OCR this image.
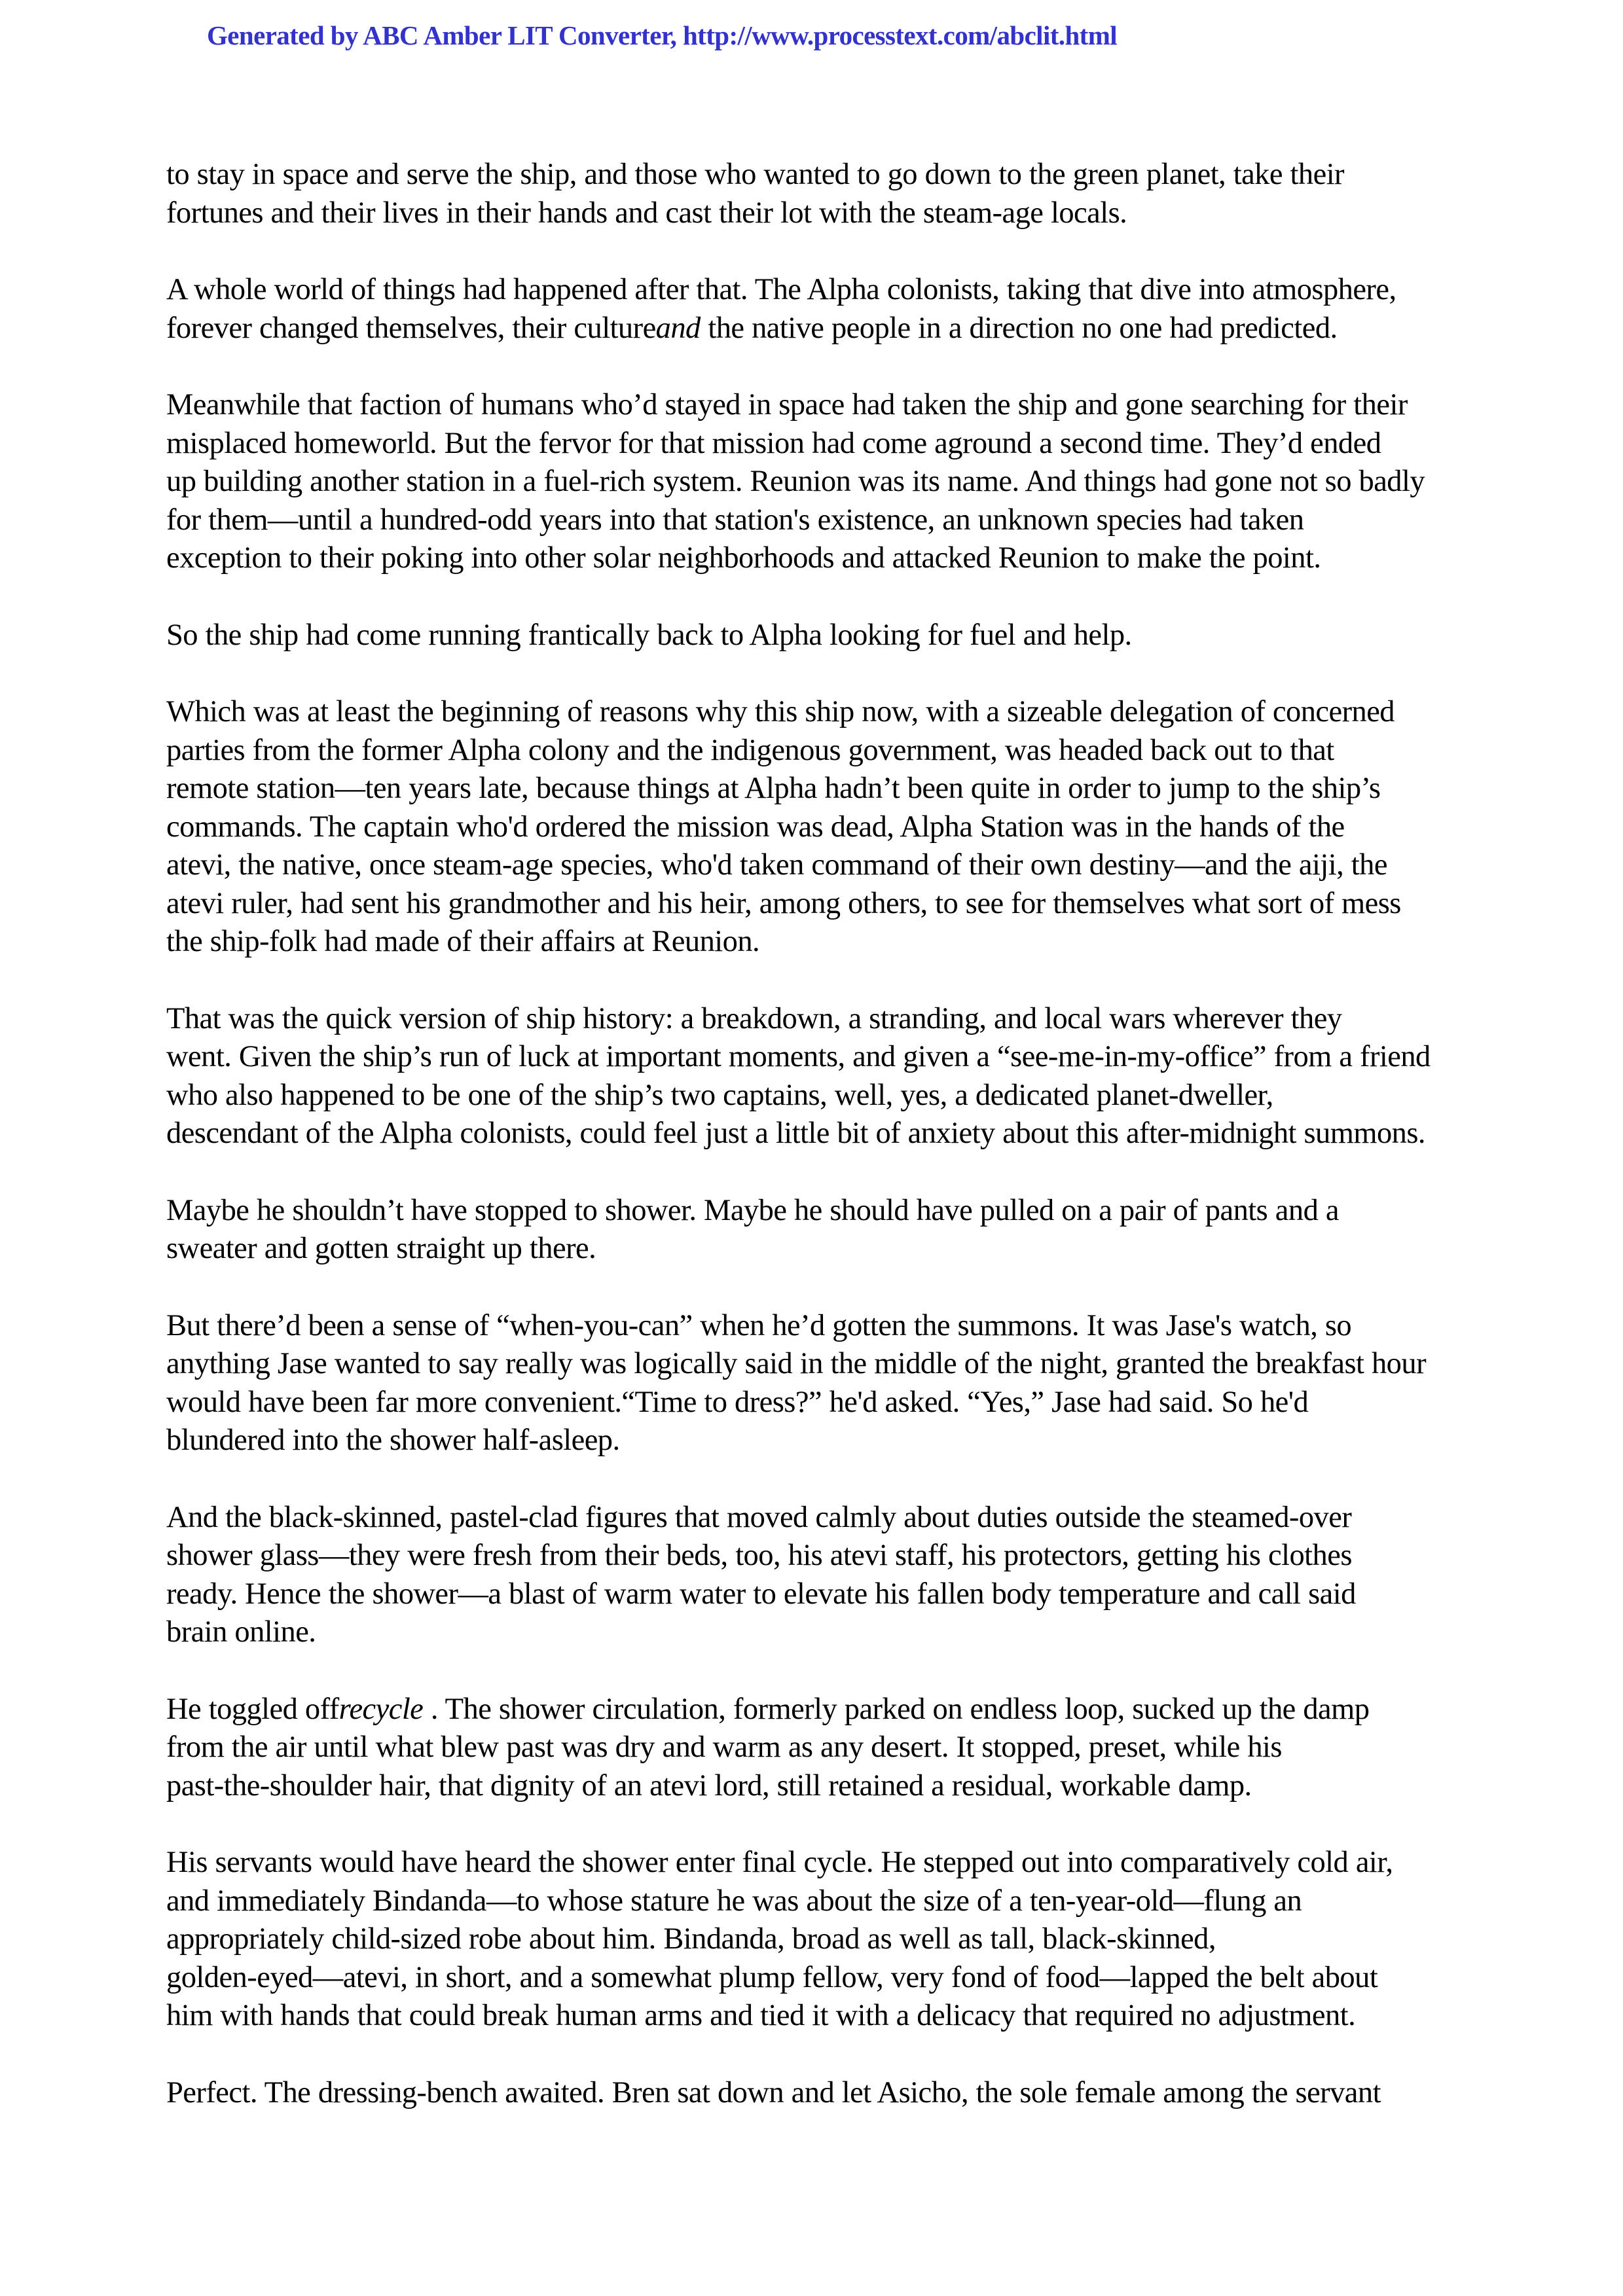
Generated by ABC Amber LIT Converter, http://www.processtext.com/abclit.html

to stay in space and serve the ship, and those who wanted to go down to the green planet, take their
fortunes and their lives in their hands and cast their lot with the steam-age locals.

A whole world of things had happened after that. The Alpha colonists, taking that dive into atmosphere,
forever changed themselves, their cultureand the native people in a direction no one had predicted.

Meanwhile that faction of humans who’d stayed in space had taken the ship and gone searching for their
misplaced homeworld. But the fervor for that mission had come aground a second time. They’d ended
up building another station in a fuel-rich system. Reunion was its name. And things had gone not so badly
for them—until a hundred-odd years into that station's existence, an unknown species had taken
exception to their poking into other solar neighborhoods and attacked Reunion to make the point.

So the ship had come running frantically back to Alpha looking for fuel and help.

Which was at least the beginning of reasons why this ship now, with a sizeable delegation of concerned
parties from the former Alpha colony and the indigenous government, was headed back out to that
remote station—ten years late, because things at Alpha hadn’t been quite in order to jump to the ship’s
commands. The captain who'd ordered the mission was dead, Alpha Station was in the hands of the
atevi, the native, once steam-age species, who'd taken command of their own destiny—and the aiji, the
atevi ruler, had sent his grandmother and his heir, among others, to see for themselves what sort of mess
the ship-folk had made of their affairs at Reunion.

That was the quick version of ship history: a breakdown, a stranding, and local wars wherever they
went. Given the ship’s run of luck at important moments, and given a “see-me-in-my-office” from a friend
who also happened to be one of the ship’s two captains, well, yes, a dedicated planet-dweller,
descendant of the Alpha colonists, could feel just a little bit of anxiety about this after-midnight summons.

Maybe he shouldn’t have stopped to shower. Maybe he should have pulled on a pair of pants and a
sweater and gotten straight up there.

But there’d been a sense of “when-you-can” when he’d gotten the summons. It was Jase's watch, so
anything Jase wanted to say really was logically said in the middle of the night, granted the breakfast hour
would have been far more convenient.“Time to dress?” he'd asked. “Yes,” Jase had said. So he'd
blundered into the shower half-asleep.

And the black-skinned, pastel-clad figures that moved calmly about duties outside the steamed-over
shower glass—they were fresh from their beds, too, his atevi staff, his protectors, getting his clothes
ready. Hence the shower—a blast of warm water to elevate his fallen body temperature and call said
brain online.

He toggled offrecycle . The shower circulation, formerly parked on endless loop, sucked up the damp
from the air until what blew past was dry and warm as any desert. It stopped, preset, while his
past-the-shoulder hair, that dignity of an atevi lord, still retained a residual, workable damp.

His servants would have heard the shower enter final cycle. He stepped out into comparatively cold air,
and immediately Bindanda—to whose stature he was about the size of a ten-year-old—flung an
appropriately child-sized robe about him. Bindanda, broad as well as tall, black-skinned,
golden-eyed—atevi, in short, and a somewhat plump fellow, very fond of food—lapped the belt about
him with hands that could break human arms and tied it with a delicacy that required no adjustment.

Perfect. The dressing-bench awaited. Bren sat down and let Asicho, the sole female among the servant
